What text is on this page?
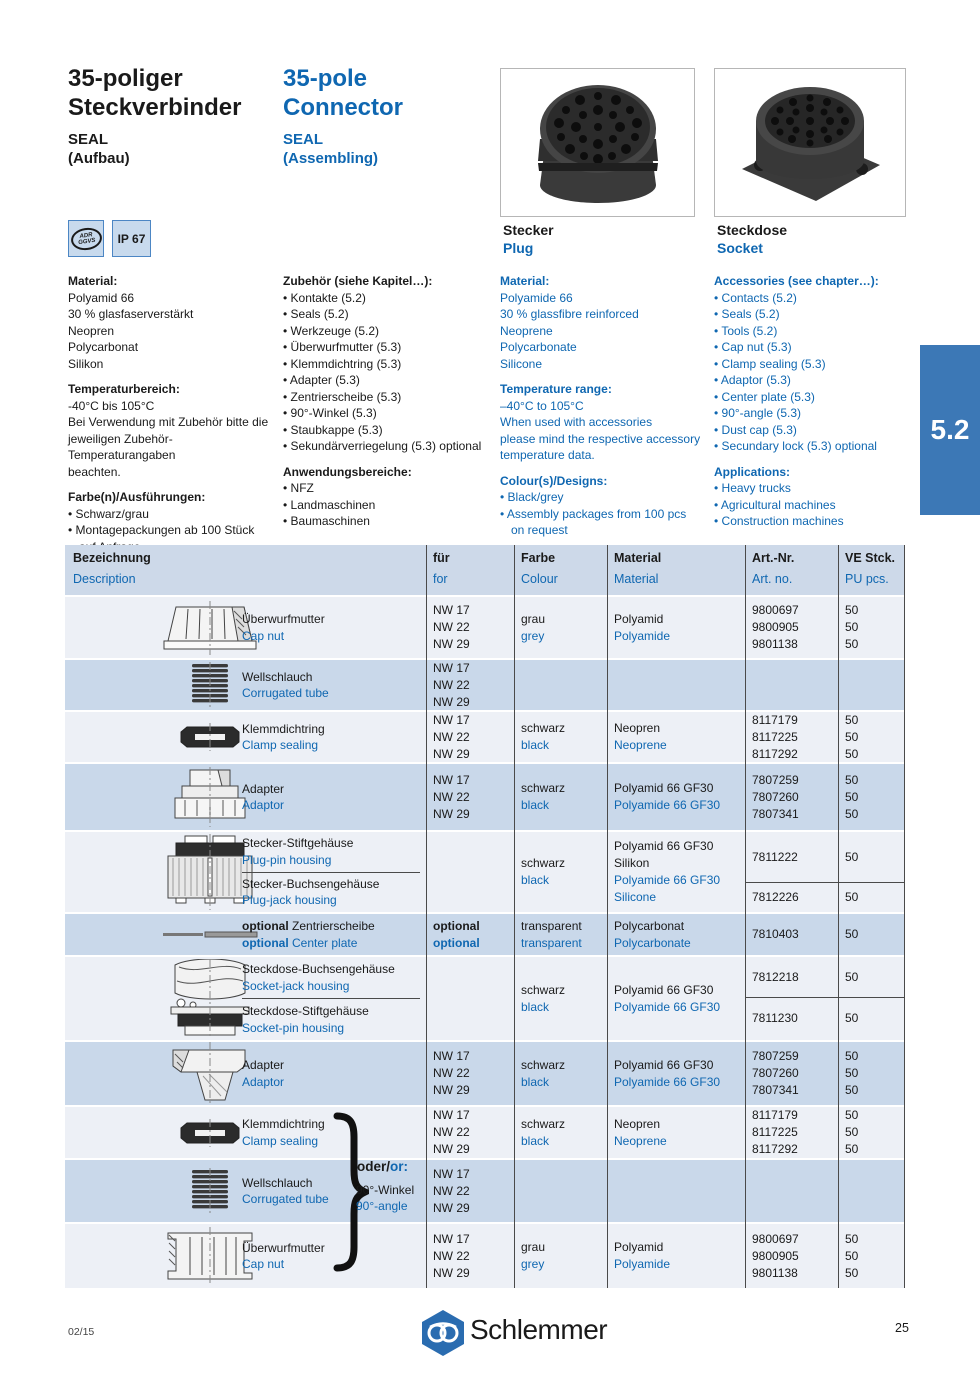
35-poliger
Steckverbinder
SEAL
(Aufbau)
35-pole
Connector
SEAL
(Assembling)
Stecker
Plug
Steckdose
Socket
ADR
GGVS IP 67
Material:
Polyamid 66
30 % glasfaserverstärkt
Neopren
Polycarbonat
Silikon
Temperaturbereich:
-40°C bis 105°C
Bei Verwendung mit Zubehör bitte die
jeweiligen Zubehör-Temperaturangaben
beachten.
Farbe(n)/Ausführungen:
• Schwarz/grau
• Montagepackungen ab 100 Stück
Zubehör (siehe Kapitel…):
• Kontakte (5.2)
• Seals (5.2)
• Werkzeuge (5.2)
• Überwurfmutter (5.3)
• Klemmdichtring (5.3)
• Adapter (5.3)
• Zentrierscheibe (5.3)
• 90°-Winkel (5.3)
• Staubkappe (5.3)
• Sekundärverriegelung (5.3) optional
Anwendungsbereiche:
• NFZ
• Landmaschinen
• Baumaschinen
Material:
Polyamide 66
30 % glassfibre reinforced
Neoprene
Polycarbonate
Silicone
Temperature range:
–40°C to 105°C
When used with accessories
please mind the respective accessory
temperature data.
Colour(s)/Designs:
• Black/grey
• Assembly packages from 100 pcs
on request
Accessories (see chapter…):
• Contacts (5.2)
• Seals (5.2)
• Tools (5.2)
• Cap nut (5.3)
• Clamp sealing (5.3)
• Adaptor (5.3)
• Center plate (5.3)
• 90°-angle (5.3)
• Dust cap (5.3)
• Secundary lock (5.3) optional
Applications:
• Heavy trucks
• Agricultural machines
• Construction machines
5.2
Bezeichnung
Description
für
for
Farbe
Colour
Material
Material
Art.-Nr.
Art. no.
VE Stck.
PU pcs.
Überwurfmutter
Cap nut
NW 17
NW 22
NW 29
grau
grey
Polyamid
Polyamide
9800697
9800905
9801138
50
50
50
Wellschlauch
Corrugated tube
NW 17
NW 22
NW 29
Klemmdichtring
Clamp sealing
NW 17
NW 22
NW 29
schwarz
black
Neopren
Neoprene
8117179
8117225
8117292
50
50
50
Adapter
Adaptor
NW 17
NW 22
NW 29
schwarz
black
Polyamid 66 GF30
Polyamide 66 GF30
7807259
7807260
7807341
50
50
50
Stecker-Stiftgehäuse
Plug-pin housing
Stecker-Buchsengehäuse
Plug-jack housing
schwarz
black
Polyamid 66 GF30
Silikon
Polyamide 66 GF30
Silicone
7811222
7812226
50
50
optional Zentrierscheibe
optional Center plate
optional
optional
transparent
transparent
Polycarbonat
Polycarbonate
7810403	50
Steckdose-Buchsengehäuse
Socket-jack housing
Steckdose-Stiftgehäuse
Socket-pin housing
schwarz
black
Polyamid 66 GF30
Polyamide 66 GF30
7812218
7811230
50
50
Adapter
Adaptor
NW 17
NW 22
NW 29
schwarz
black
Polyamid 66 GF30
Polyamide 66 GF30
7807259
7807260
7807341
50
50
50
Klemmdichtring
Clamp sealing
NW 17
NW 22
NW 29
schwarz
black
Neopren
Neoprene
8117179
8117225
8117292
50
50
50
Wellschlauch
Corrugated tube
NW 17
NW 22
NW 29
Überwurfmutter
Cap nut
NW 17
NW 22
NW 29
grau
grey
Polyamid
Polyamide
9800697
9800905
9801138
50
50
50
oder/or:
90°-Winkel
90°-angle
02/15	25
Schlemmer
